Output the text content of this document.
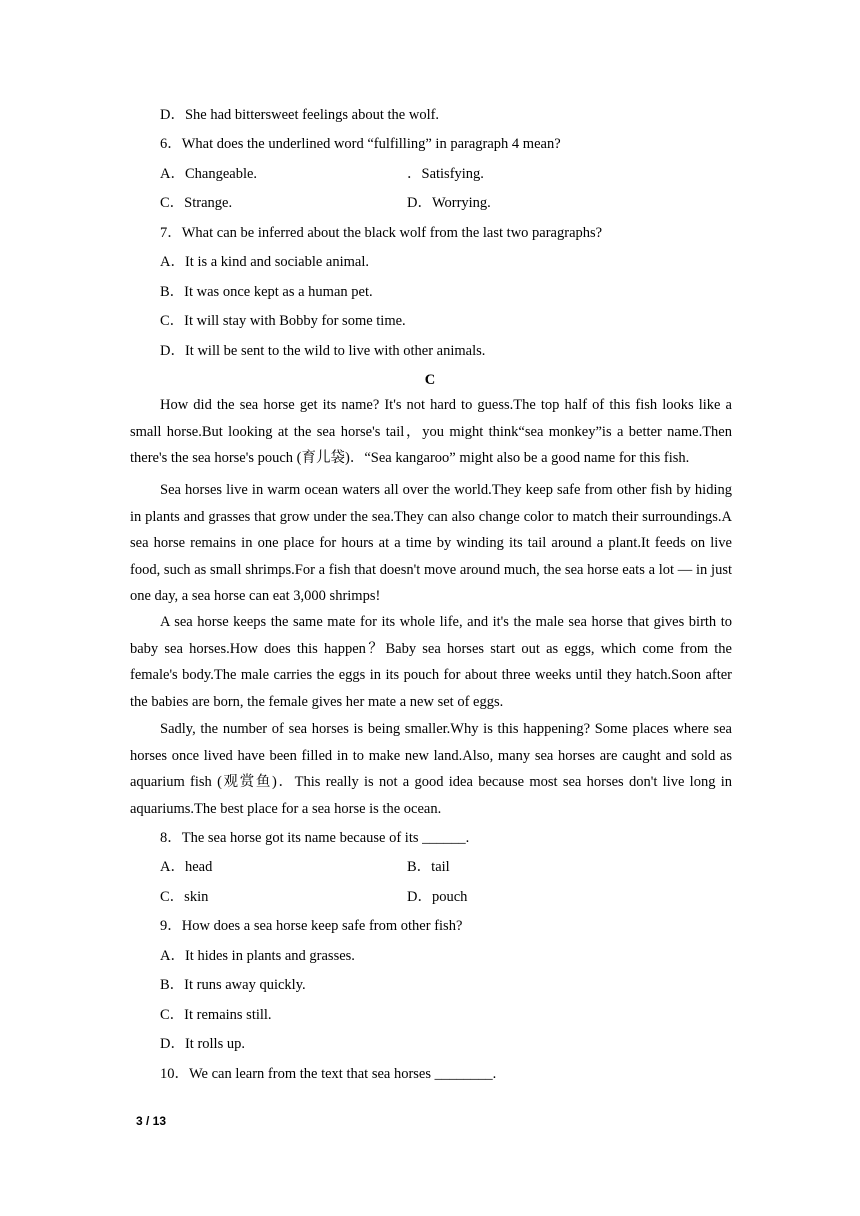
D．She had bittersweet feelings about the wolf.
6．What does the underlined word “fulfilling” in paragraph 4 mean?
A．Changeable.	．Satisfying.
C．Strange.	D．Worrying.
7．What can be inferred about the black wolf from the last two paragraphs?
A．It is a kind and sociable animal.
B．It was once kept as a human pet.
C．It will stay with Bobby for some time.
D．It will be sent to the wild to live with other animals.
C

How did the sea horse get its name? It's not hard to guess.The top half of this fish looks like a small horse.But looking at the sea horse's tail，you might think“sea monkey”is a better name.Then there's the sea horse's pouch (育儿袋)．“Sea kangaroo” might also be a good name for this fish.

Sea horses live in warm ocean waters all over the world.They keep safe from other fish by hiding in plants and grasses that grow under the sea.They can also change color to match their surroundings.A sea horse remains in one place for hours at a time by winding its tail around a plant.It feeds on live food, such as small shrimps.For a fish that doesn't move around much, the sea horse eats a lot — in just one day, a sea horse can eat 3,000 shrimps!

A sea horse keeps the same mate for its whole life, and it's the male sea horse that gives birth to baby sea horses.How does this happen？Baby sea horses start out as eggs, which come from the female's body.The male carries the eggs in its pouch for about three weeks until they hatch.Soon after the babies are born, the female gives her mate a new set of eggs.

Sadly, the number of sea horses is being smaller.Why is this happening? Some places where sea horses once lived have been filled in to make new land.Also, many sea horses are caught and sold as aquarium fish (观赏鱼)．This really is not a good idea because most sea horses don't live long in aquariums.The best place for a sea horse is the ocean.

8．The sea horse got its name because of its ______.
A．head	B．tail
C．skin	D．pouch
9．How does a sea horse keep safe from other fish?
A．It hides in plants and grasses.
B．It runs away quickly.
C．It remains still.
D．It rolls up.
10．We can learn from the text that sea horses ________.
3 / 13
